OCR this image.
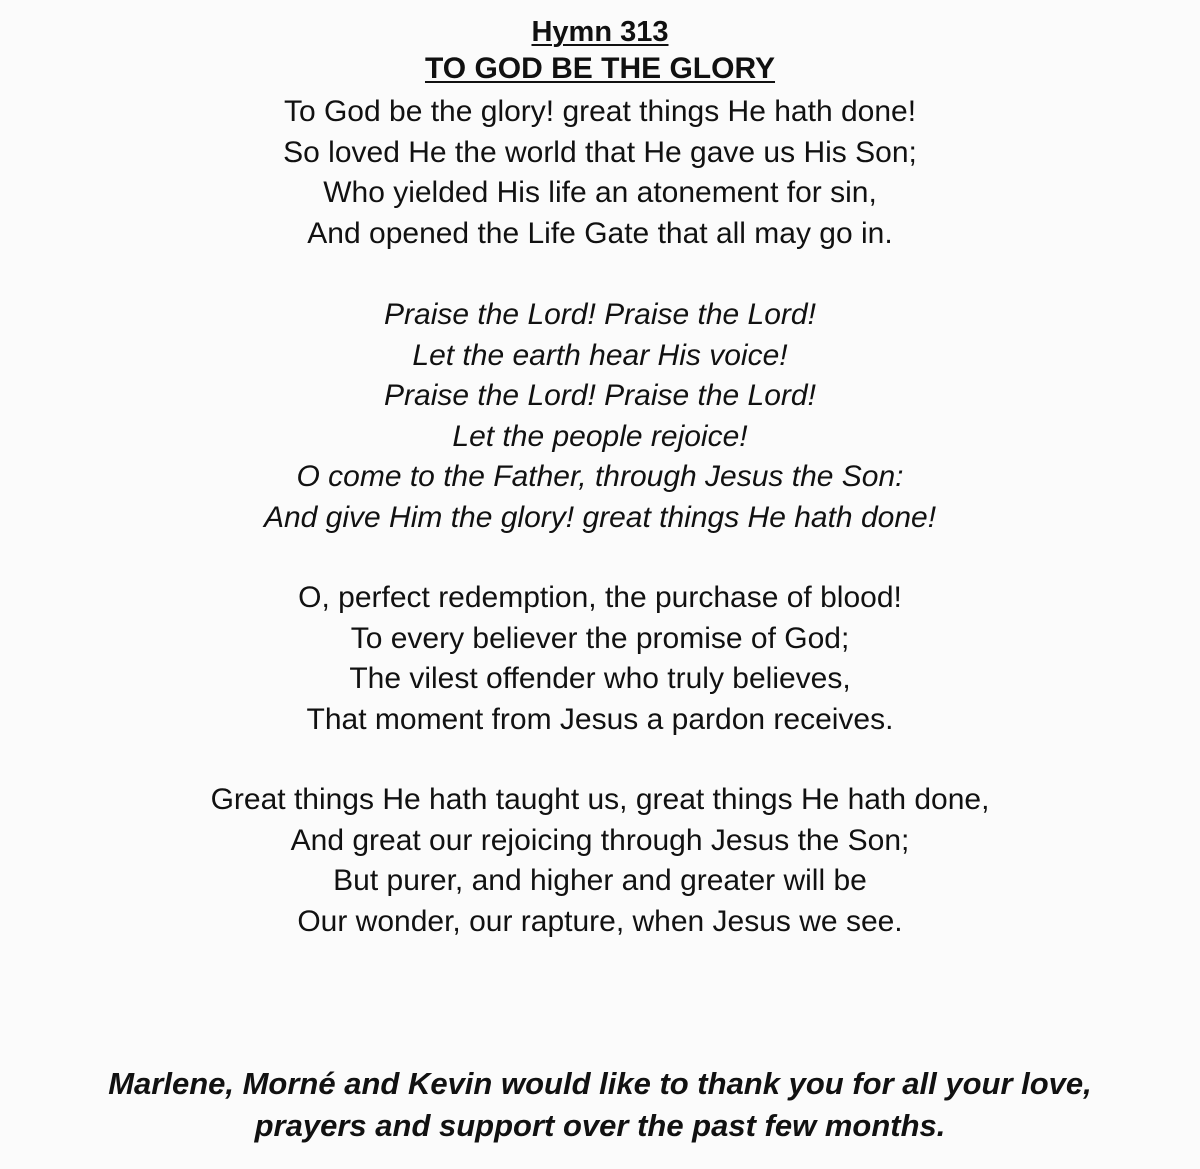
Hymn 313
TO GOD BE THE GLORY
To God be the glory! great things He hath done!
So loved He the world that He gave us His Son;
Who yielded His life an atonement for sin,
And opened the Life Gate that all may go in.
Praise the Lord! Praise the Lord!
Let the earth hear His voice!
Praise the Lord! Praise the Lord!
Let the people rejoice!
O come to the Father, through Jesus the Son:
And give Him the glory! great things He hath done!
O, perfect redemption, the purchase of blood!
To every believer the promise of God;
The vilest offender who truly believes,
That moment from Jesus a pardon receives.
Great things He hath taught us, great things He hath done,
And great our rejoicing through Jesus the Son;
But purer, and higher and greater will be
Our wonder, our rapture, when Jesus we see.
Marlene, Morné and Kevin would like to thank you for all your love,
prayers and support over the past few months.
